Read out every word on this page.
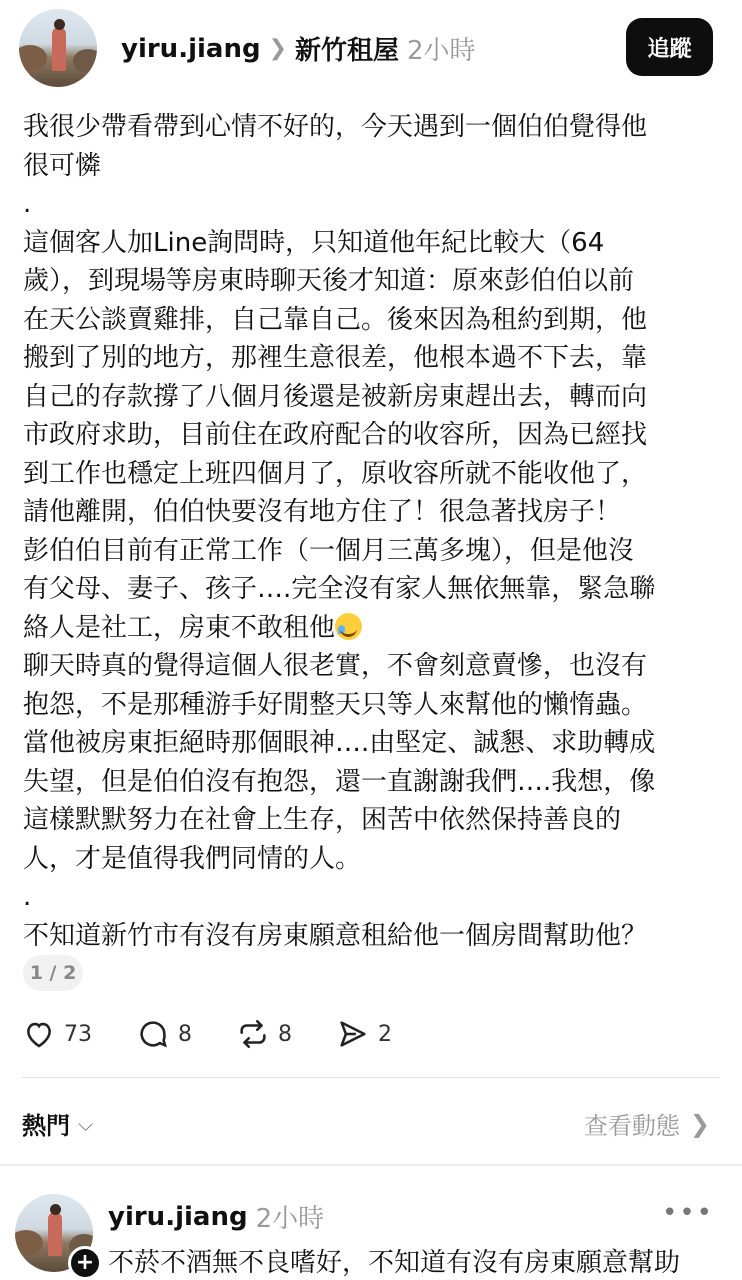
yiru.jiang ❯ 新竹租屋 2小時	追蹤

我很少帶看帶到心情不好的，今天遇到一個伯伯覺得他
很可憐

.

這個客人加Line詢問時，只知道他年紀比較大（64
歲），到現場等房東時聊天後才知道：原來彭伯伯以前
在天公談賣雞排，自己靠自己。後來因為租約到期，他
搬到了別的地方，那裡生意很差，他根本過不下去，靠
自己的存款撐了八個月後還是被新房東趕出去，轉而向
市政府求助，目前住在政府配合的收容所，因為已經找
到工作也穩定上班四個月了，原收容所就不能收他了，
請他離開，伯伯快要沒有地方住了！很急著找房子！
彭伯伯目前有正常工作（一個月三萬多塊），但是他沒
有父母、妻子、孩子….完全沒有家人無依無靠，緊急聯
絡人是社工，房東不敢租他

聊天時真的覺得這個人很老實，不會刻意賣慘，也沒有
抱怨，不是那種游手好閒整天只等人來幫他的懶惰蟲。
當他被房東拒絕時那個眼神….由堅定、誠懇、求助轉成
失望，但是伯伯沒有抱怨，還一直謝謝我們….我想，像
這樣默默努力在社會上生存，困苦中依然保持善良的
人，才是值得我們同情的人。

.

不知道新竹市有沒有房東願意租給他一個房間幫助他？

1 / 2
73	8	8	2
熱門 ⌵	查看動態 ❯
+
yiru.jiang 2小時	•••
不菸不酒無不良嗜好，不知道有沒有房東願意幫助
